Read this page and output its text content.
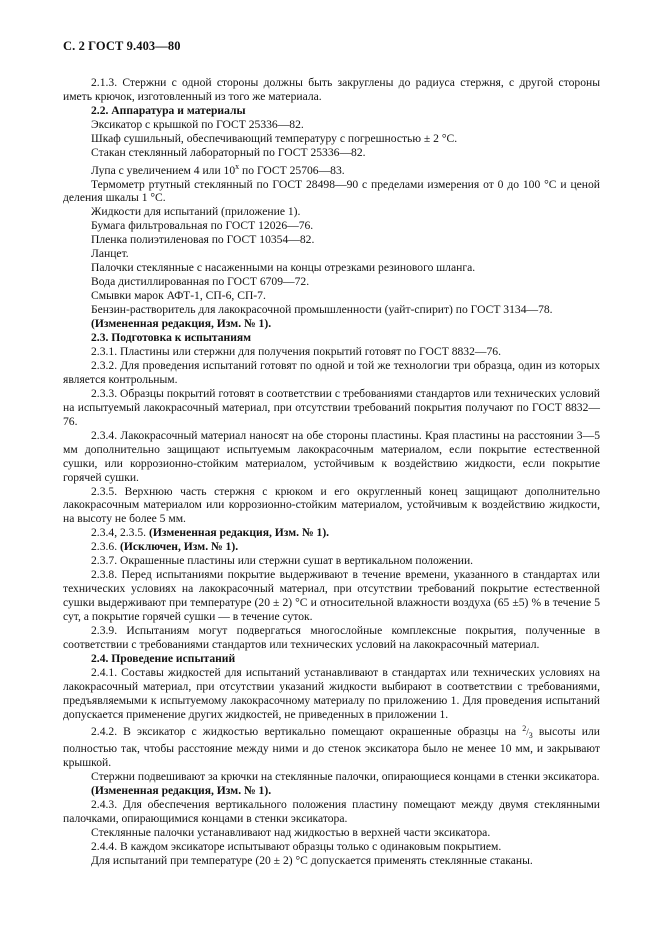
С. 2 ГОСТ 9.403—80

2.1.3. Стержни с одной стороны должны быть закруглены до радиуса стержня, с другой стороны иметь крючок, изготовленный из того же материала.

2.2. Аппаратура и материалы

Эксикатор с крышкой по ГОСТ 25336—82.

Шкаф сушильный, обеспечивающий температуру с погрешностью ± 2 °С.

Стакан стеклянный лабораторный по ГОСТ 25336—82.

Лупа с увеличением 4 или $10^х$ по ГОСТ 25706—83.

Термометр ртутный стеклянный по ГОСТ 28498—90 с пределами измерения от 0 до 100 °С и ценой деления шкалы 1 °С.

Жидкости для испытаний (приложение 1).

Бумага фильтровальная по ГОСТ 12026—76.

Пленка полиэтиленовая по ГОСТ 10354—82.

Ланцет.

Палочки стеклянные с насаженными на концы отрезками резинового шланга.

Вода дистиллированная по ГОСТ 6709—72.

Смывки марок АФТ-1, СП-6, СП-7.

Бензин-растворитель для лакокрасочной промышленности (уайт-спирит) по ГОСТ 3134—78.

(Измененная редакция, Изм. № 1).

2.3. Подготовка к испытаниям

2.3.1. Пластины или стержни для получения покрытий готовят по ГОСТ 8832—76.

2.3.2. Для проведения испытаний готовят по одной и той же технологии три образца, один из которых является контрольным.

2.3.3. Образцы покрытий готовят в соответствии с требованиями стандартов или технических условий на испытуемый лакокрасочный материал, при отсутствии требований покрытия получают по ГОСТ 8832—76.

2.3.4. Лакокрасочный материал наносят на обе стороны пластины. Края пластины на расстоянии 3—5 мм дополнительно защищают испытуемым лакокрасочным материалом, если покрытие естественной сушки, или коррозионно-стойким материалом, устойчивым к воздействию жидкости, если покрытие горячей сушки.

2.3.5. Верхнюю часть стержня с крюком и его округленный конец защищают дополнительно лакокрасочным материалом или коррозионно-стойким материалом, устойчивым к воздействию жидкости, на высоту не более 5 мм.

2.3.4, 2.3.5. (Измененная редакция, Изм. № 1).

2.3.6. (Исключен, Изм. № 1).

2.3.7. Окрашенные пластины или стержни сушат в вертикальном положении.

2.3.8. Перед испытаниями покрытие выдерживают в течение времени, указанного в стандартах или технических условиях на лакокрасочный материал, при отсутствии требований покрытие естественной сушки выдерживают при температуре (20 ± 2) °С и относительной влажности воздуха (65 ±5) % в течение 5 сут, а покрытие горячей сушки — в течение суток.

2.3.9. Испытаниям могут подвергаться многослойные комплексные покрытия, полученные в соответствии с требованиями стандартов или технических условий на лакокрасочный материал.

2.4. Проведение испытаний

2.4.1. Составы жидкостей для испытаний устанавливают в стандартах или технических условиях на лакокрасочный материал, при отсутствии указаний жидкости выбирают в соответствии с требованиями, предъявляемыми к испытуемому лакокрасочному материалу по приложению 1. Для проведения испытаний допускается применение других жидкостей, не приведенных в приложении 1.

2.4.2. В эксикатор с жидкостью вертикально помещают окрашенные образцы на $^2/_3$ высоты или полностью так, чтобы расстояние между ними и до стенок эксикатора было не менее 10 мм, и закрывают крышкой.

Стержни подвешивают за крючки на стеклянные палочки, опирающиеся концами в стенки эксикатора.

(Измененная редакция, Изм. № 1).

2.4.3. Для обеспечения вертикального положения пластину помещают между двумя стеклянными палочками, опирающимися концами в стенки эксикатора.

Стеклянные палочки устанавливают над жидкостью в верхней части эксикатора.

2.4.4. В каждом эксикаторе испытывают образцы только с одинаковым покрытием.

Для испытаний при температуре (20 ± 2) °С допускается применять стеклянные стаканы.
